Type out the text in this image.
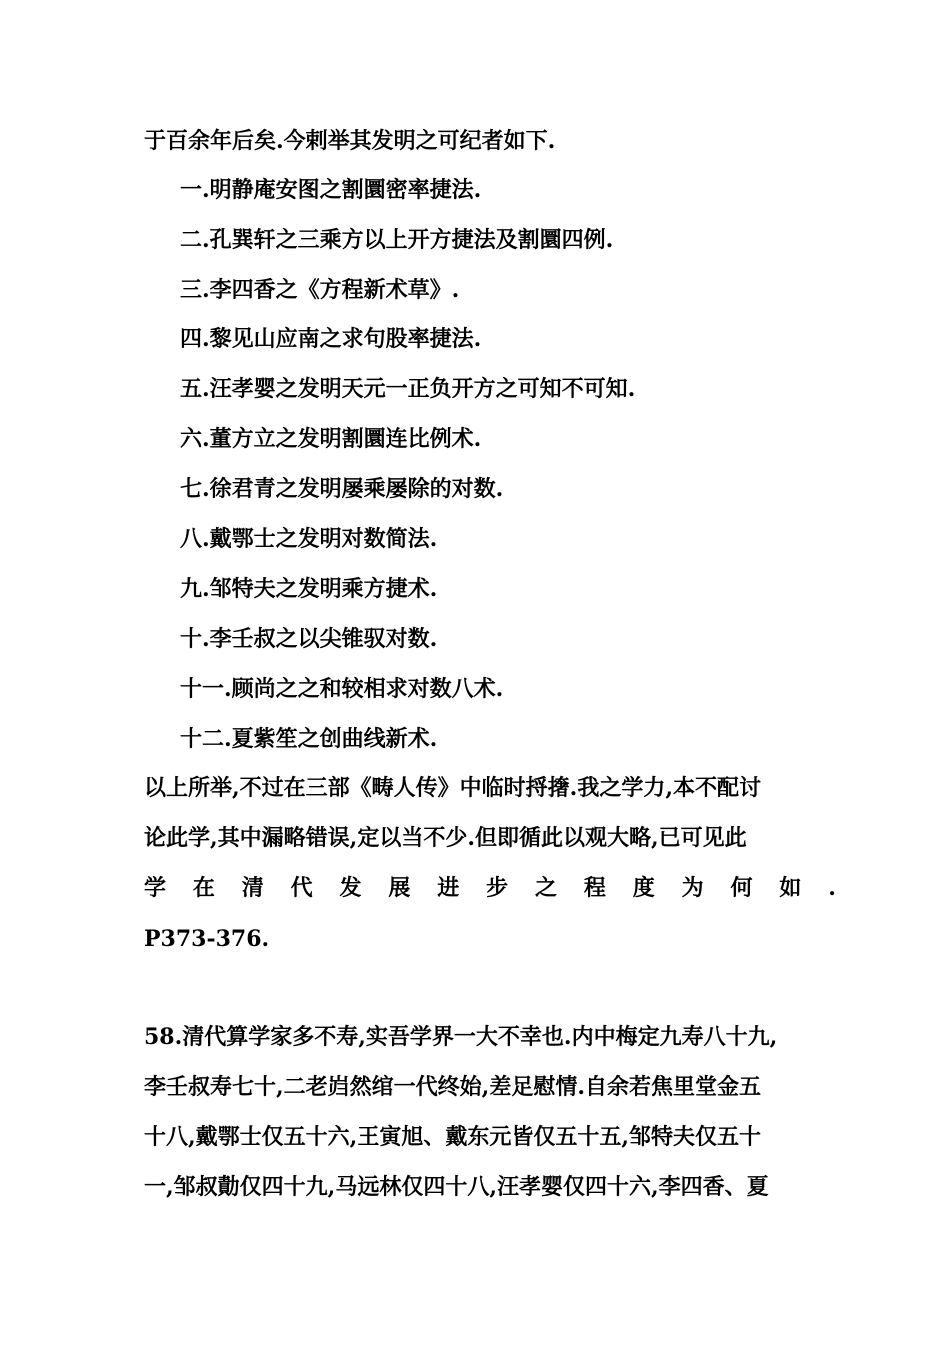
于百余年后矣.今剌举其发明之可纪者如下.
一.明静庵安图之割圜密率捷法.
二.孔巽轩之三乘方以上开方捷法及割圜四例.
三.李四香之《方程新术草》.
四.黎见山应南之求句股率捷法.
五.汪孝婴之发明天元一正负开方之可知不可知.
六.董方立之发明割圜连比例术.
七.徐君青之发明屡乘屡除的对数.
八.戴鄂士之发明对数简法.
九.邹特夫之发明乘方捷术.
十.李壬叔之以尖锥驭对数.
十一.顾尚之之和较相求对数八术.
十二.夏紫笙之创曲线新术.
以上所举,不过在三部《畴人传》中临时捋撦.我之学力,本不配讨
论此学,其中漏略错误,定以当不少.但即循此以观大略,已可见此
学 在 清 代 发 展 进 步 之 程 度 为 何 如 .
P373-376.
58.清代算学家多不寿,实吾学界一大不幸也.内中梅定九寿八十九,
李壬叔寿七十,二老岿然绾一代终始,差足慰情.自余若焦里堂金五
十八,戴鄂士仅五十六,王寅旭、戴东元皆仅五十五,邹特夫仅五十
一,邹叔勣仅四十九,马远林仅四十八,汪孝婴仅四十六,李四香、夏
